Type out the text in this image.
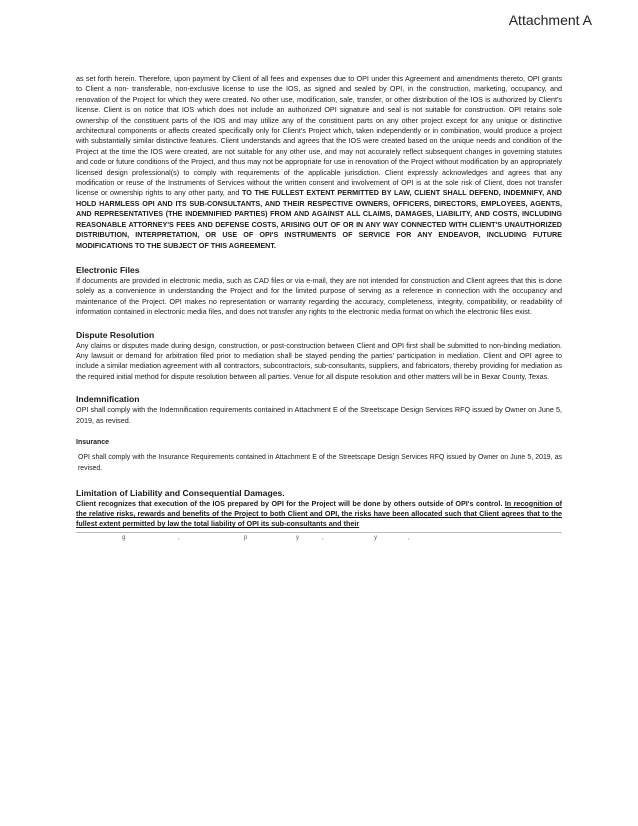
Attachment A

as set forth herein. Therefore, upon payment by Client of all fees and expenses due to OPI under this Agreement and amendments thereto, OPI grants to Client a non- transferable, non-exclusive license to use the IOS, as signed and sealed by OPI, in the construction, marketing, occupancy, and renovation of the Project for which they were created. No other use, modification, sale, transfer, or other distribution of the IOS is authorized by Client's license. Client is on notice that IOS which does not include an authorized OPI signature and seal is not suitable for construction. OPI retains sole ownership of the constituent parts of the IOS and may utilize any of the constituent parts on any other project except for any unique or distinctive architectural components or affects created specifically only for Client's Project which, taken independently or in combination, would produce a project with substantially similar distinctive features. Client understands and agrees that the IOS were created based on the unique needs and condition of the Project at the time the IOS were created, are not suitable for any other use, and may not accurately reflect subsequent changes in governing statutes and code or future conditions of the Project, and thus may not be appropriate for use in renovation of the Project without modification by an appropriately licensed design professional(s) to comply with requirements of the applicable jurisdiction. Client expressly acknowledges and agrees that any modification or reuse of the Instruments of Services without the written consent and involvement of OPI is at the sole risk of Client, does not transfer license or ownership rights to any other party, and TO THE FULLEST EXTENT PERMITTED BY LAW, CLIENT SHALL DEFEND, INDEMNIFY, AND HOLD HARMLESS OPI AND ITS SUB-CONSULTANTS, AND THEIR RESPECTIVE OWNERS, OFFICERS, DIRECTORS, EMPLOYEES, AGENTS, AND REPRESENTATIVES (THE INDEMNIFIED PARTIES) FROM AND AGAINST ALL CLAIMS, DAMAGES, LIABILITY, AND COSTS, INCLUDING REASONABLE ATTORNEY'S FEES AND DEFENSE COSTS, ARISING OUT OF OR IN ANY WAY CONNECTED WITH CLIENT'S UNAUTHORIZED DISTRIBUTION, INTERPRETATION, OR USE OF OPI'S INSTRUMENTS OF SERVICE FOR ANY ENDEAVOR, INCLUDING FUTURE MODIFICATIONS TO THE SUBJECT OF THIS AGREEMENT.

Electronic Files

If documents are provided in electronic media, such as CAD files or via e-mail, they are not intended for construction and Client agrees that this is done solely as a convenience in understanding the Project and for the limited purpose of serving as a reference in connection with the occupancy and maintenance of the Project. OPI makes no representation or warranty regarding the accuracy, completeness, integrity, compatibility, or readability of information contained in electronic media files, and does not transfer any rights to the electronic media format on which the electronic files exist.

Dispute Resolution

Any claims or disputes made during design, construction, or post-construction between Client and OPI first shall be submitted to non-binding mediation. Any lawsuit or demand for arbitration filed prior to mediation shall be stayed pending the parties' participation in mediation. Client and OPI agree to include a similar mediation agreement with all contractors, subcontractors, sub-consultants, suppliers, and fabricators, thereby providing for mediation as the required initial method for dispute resolution between all parties. Venue for all dispute resolution and other matters will be in Bexar County, Texas.

Indemnification

OPI shall comply with the Indemnification requirements contained in Attachment E of the Streetscape Design Services RFQ issued by Owner on June 5, 2019, as revised.

Insurance

OPI shall comply with the Insurance Requirements contained in Attachment E of the Streetscape Design Services RFQ issued by Owner on June 5, 2019, as revised.

Limitation of Liability and Consequential Damages.

Client recognizes that execution of the IOS prepared by OPI for the Project will be done by others outside of OPI's control. In recognition of the relative risks, rewards and benefits of the Project to both Client and OPI, the risks have been allocated such that Client agrees that to the fullest extent permitted by law the total liability of OPI its sub-consultants and their

g	,	p	y	,	y	,
